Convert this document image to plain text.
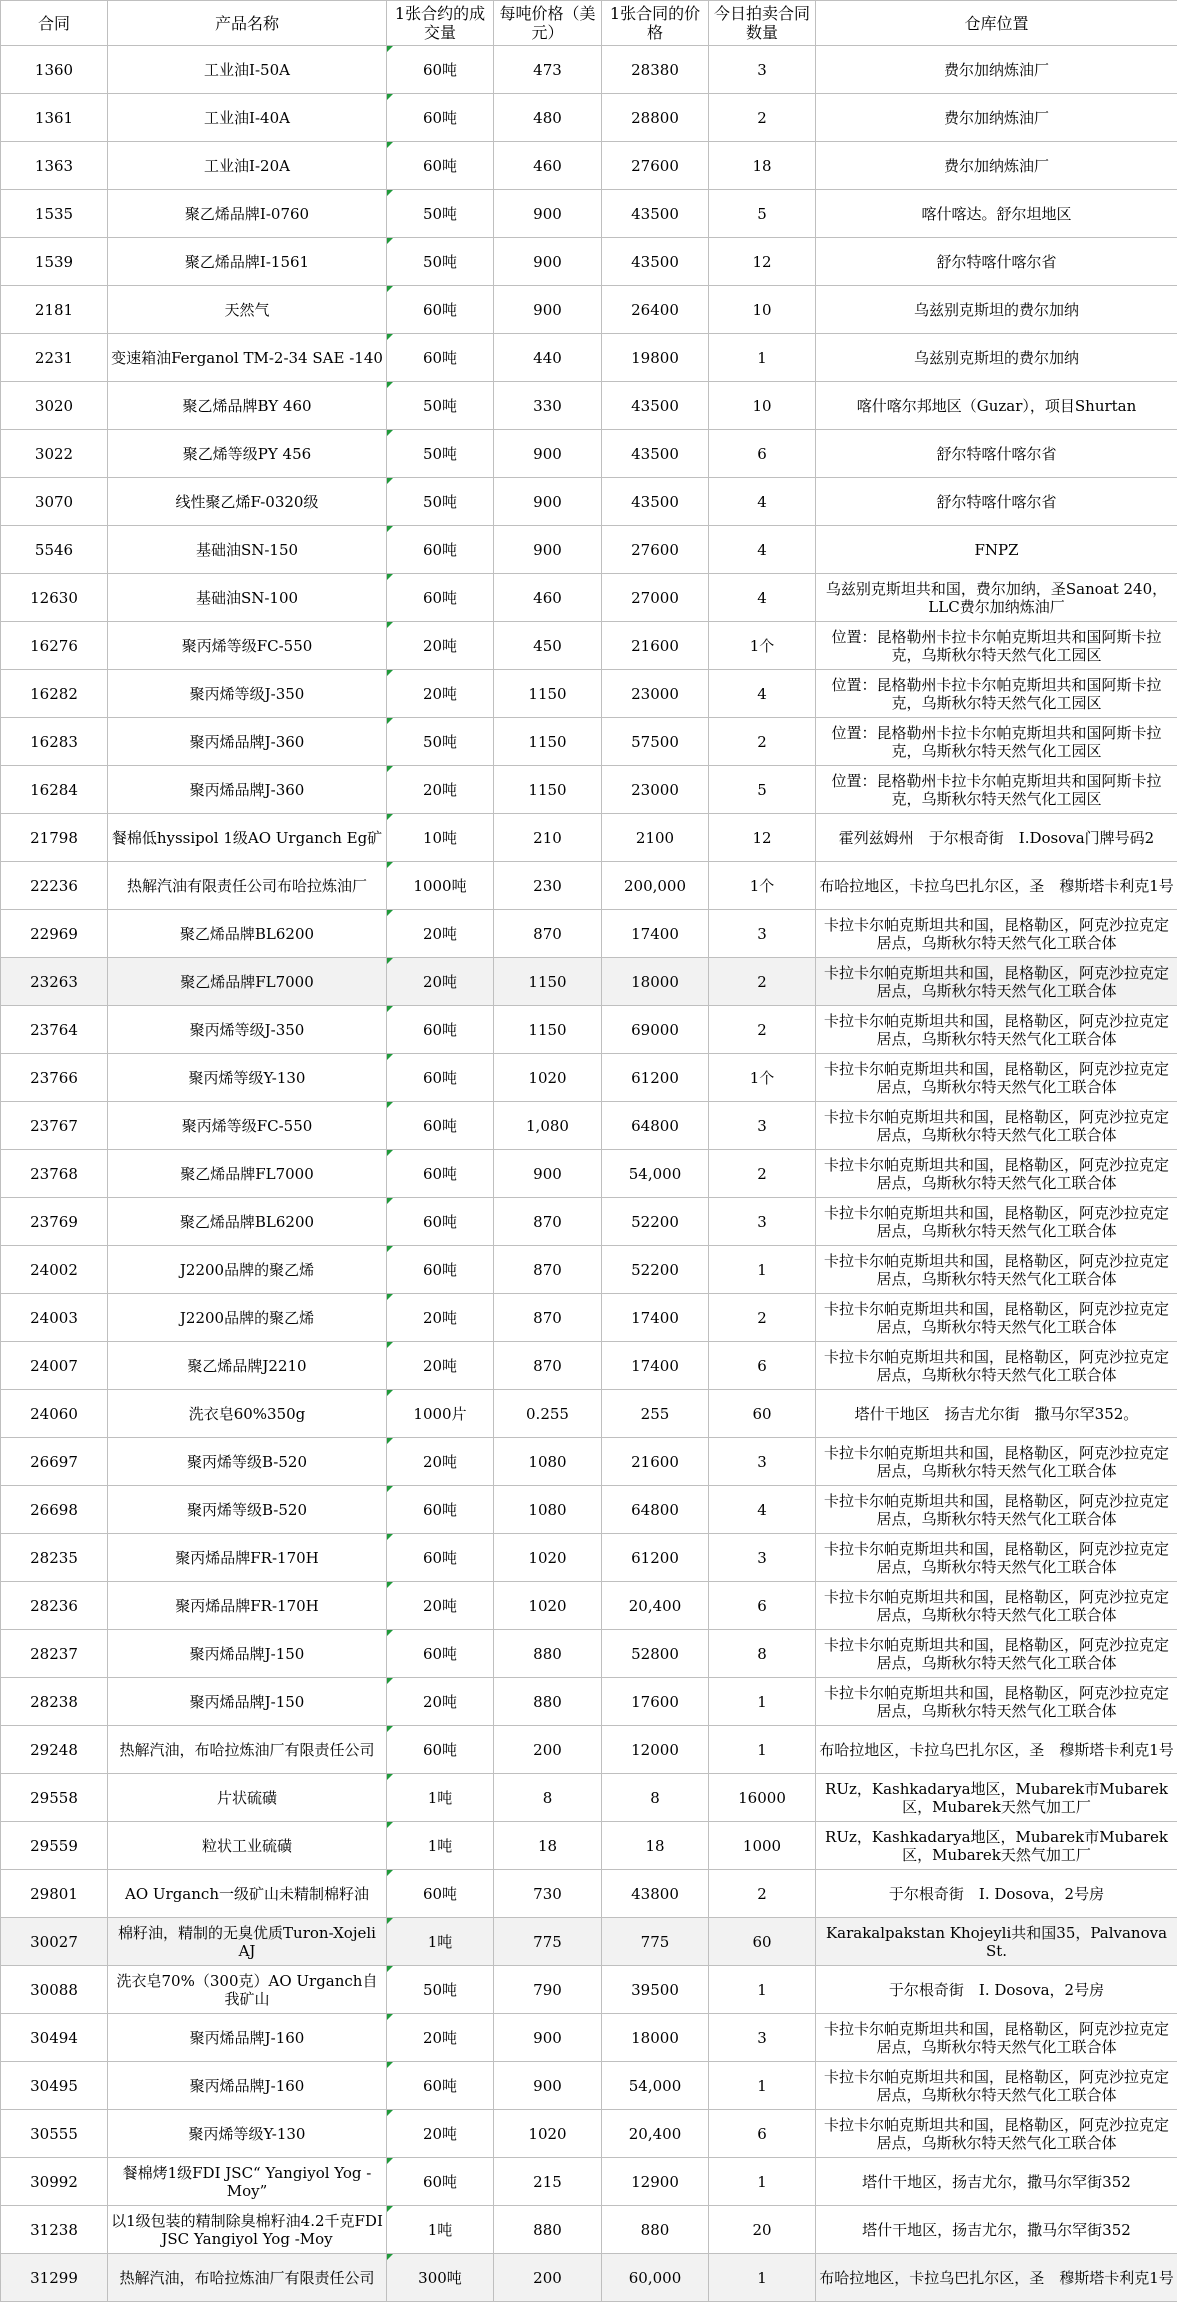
合同	产品名称	1张合约的成交量	每吨价格（美元）	1张合同的价格	今日拍卖合同数量	仓库位置
1360	工业油I-50A	60吨	473	28380	3	费尔加纳炼油厂
1361	工业油I-40A	60吨	480	28800	2	费尔加纳炼油厂
1363	工业油I-20A	60吨	460	27600	18	费尔加纳炼油厂
1535	聚乙烯品牌I-0760	50吨	900	43500	5	喀什喀达。舒尔坦地区
1539	聚乙烯品牌I-1561	50吨	900	43500	12	舒尔特喀什喀尔省
2181	天然气	60吨	900	26400	10	乌兹别克斯坦的费尔加纳
2231	变速箱油Ferganol TM-2-34 SAE -140	60吨	440	19800	1	乌兹别克斯坦的费尔加纳
3020	聚乙烯品牌BY 460	50吨	330	43500	10	喀什喀尔邦地区（Guzar），项目Shurtan
3022	聚乙烯等级PY 456	50吨	900	43500	6	舒尔特喀什喀尔省
3070	线性聚乙烯F-0320级	50吨	900	43500	4	舒尔特喀什喀尔省
5546	基础油SN-150	60吨	900	27600	4	FNPZ
12630	基础油SN-100	60吨	460	27000	4	乌兹别克斯坦共和国，费尔加纳，圣Sanoat 240，LLC费尔加纳炼油厂
16276	聚丙烯等级FC-550	20吨	450	21600	1个	位置：昆格勒州卡拉卡尔帕克斯坦共和国阿斯卡拉克，乌斯秋尔特天然气化工园区
16282	聚丙烯等级J-350	20吨	1150	23000	4	位置：昆格勒州卡拉卡尔帕克斯坦共和国阿斯卡拉克，乌斯秋尔特天然气化工园区
16283	聚丙烯品牌J-360	50吨	1150	57500	2	位置：昆格勒州卡拉卡尔帕克斯坦共和国阿斯卡拉克，乌斯秋尔特天然气化工园区
16284	聚丙烯品牌J-360	20吨	1150	23000	5	位置：昆格勒州卡拉卡尔帕克斯坦共和国阿斯卡拉克，乌斯秋尔特天然气化工园区
21798	餐棉低hyssipol 1级AO Urganch Eg矿	10吨	210	2100	12	霍列兹姆州　于尔根奇街　I.Dosova门牌号码2
22236	热解汽油有限责任公司布哈拉炼油厂	1000吨	230	200,000	1个	布哈拉地区，卡拉乌巴扎尔区，圣　穆斯塔卡利克1号
22969	聚乙烯品牌BL6200	20吨	870	17400	3	卡拉卡尔帕克斯坦共和国，昆格勒区，阿克沙拉克定居点，乌斯秋尔特天然气化工联合体
23263	聚乙烯品牌FL7000	20吨	1150	18000	2	卡拉卡尔帕克斯坦共和国，昆格勒区，阿克沙拉克定居点，乌斯秋尔特天然气化工联合体
23764	聚丙烯等级J-350	60吨	1150	69000	2	卡拉卡尔帕克斯坦共和国，昆格勒区，阿克沙拉克定居点，乌斯秋尔特天然气化工联合体
23766	聚丙烯等级Y-130	60吨	1020	61200	1个	卡拉卡尔帕克斯坦共和国，昆格勒区，阿克沙拉克定居点，乌斯秋尔特天然气化工联合体
23767	聚丙烯等级FC-550	60吨	1,080	64800	3	卡拉卡尔帕克斯坦共和国，昆格勒区，阿克沙拉克定居点，乌斯秋尔特天然气化工联合体
23768	聚乙烯品牌FL7000	60吨	900	54,000	2	卡拉卡尔帕克斯坦共和国，昆格勒区，阿克沙拉克定居点，乌斯秋尔特天然气化工联合体
23769	聚乙烯品牌BL6200	60吨	870	52200	3	卡拉卡尔帕克斯坦共和国，昆格勒区，阿克沙拉克定居点，乌斯秋尔特天然气化工联合体
24002	J2200品牌的聚乙烯	60吨	870	52200	1	卡拉卡尔帕克斯坦共和国，昆格勒区，阿克沙拉克定居点，乌斯秋尔特天然气化工联合体
24003	J2200品牌的聚乙烯	20吨	870	17400	2	卡拉卡尔帕克斯坦共和国，昆格勒区，阿克沙拉克定居点，乌斯秋尔特天然气化工联合体
24007	聚乙烯品牌J2210	20吨	870	17400	6	卡拉卡尔帕克斯坦共和国，昆格勒区，阿克沙拉克定居点，乌斯秋尔特天然气化工联合体
24060	洗衣皂60%350g	1000片	0.255	255	60	塔什干地区　扬吉尤尔街　撒马尔罕352。
26697	聚丙烯等级B-520	20吨	1080	21600	3	卡拉卡尔帕克斯坦共和国，昆格勒区，阿克沙拉克定居点，乌斯秋尔特天然气化工联合体
26698	聚丙烯等级B-520	60吨	1080	64800	4	卡拉卡尔帕克斯坦共和国，昆格勒区，阿克沙拉克定居点，乌斯秋尔特天然气化工联合体
28235	聚丙烯品牌FR-170H	60吨	1020	61200	3	卡拉卡尔帕克斯坦共和国，昆格勒区，阿克沙拉克定居点，乌斯秋尔特天然气化工联合体
28236	聚丙烯品牌FR-170H	20吨	1020	20,400	6	卡拉卡尔帕克斯坦共和国，昆格勒区，阿克沙拉克定居点，乌斯秋尔特天然气化工联合体
28237	聚丙烯品牌J-150	60吨	880	52800	8	卡拉卡尔帕克斯坦共和国，昆格勒区，阿克沙拉克定居点，乌斯秋尔特天然气化工联合体
28238	聚丙烯品牌J-150	20吨	880	17600	1	卡拉卡尔帕克斯坦共和国，昆格勒区，阿克沙拉克定居点，乌斯秋尔特天然气化工联合体
29248	热解汽油，布哈拉炼油厂有限责任公司	60吨	200	12000	1	布哈拉地区，卡拉乌巴扎尔区，圣　穆斯塔卡利克1号
29558	片状硫磺	1吨	8	8	16000	RUz，Kashkadarya地区，Mubarek市Mubarek区，Mubarek天然气加工厂
29559	粒状工业硫磺	1吨	18	18	1000	RUz，Kashkadarya地区，Mubarek市Mubarek区，Mubarek天然气加工厂
29801	AO Urganch一级矿山未精制棉籽油	60吨	730	43800	2	于尔根奇街　I. Dosova，2号房
30027	棉籽油，精制的无臭优质Turon-Xojeli AJ	1吨	775	775	60	Karakalpakstan Khojeyli共和国35，Palvanova St.
30088	洗衣皂70%（300克）AO Urganch自我矿山	50吨	790	39500	1	于尔根奇街　I. Dosova，2号房
30494	聚丙烯品牌J-160	20吨	900	18000	3	卡拉卡尔帕克斯坦共和国，昆格勒区，阿克沙拉克定居点，乌斯秋尔特天然气化工联合体
30495	聚丙烯品牌J-160	60吨	900	54,000	1	卡拉卡尔帕克斯坦共和国，昆格勒区，阿克沙拉克定居点，乌斯秋尔特天然气化工联合体
30555	聚丙烯等级Y-130	20吨	1020	20,400	6	卡拉卡尔帕克斯坦共和国，昆格勒区，阿克沙拉克定居点，乌斯秋尔特天然气化工联合体
30992	餐棉烤1级FDI JSC“ Yangiyol Yog -Moy”	60吨	215	12900	1	塔什干地区，扬吉尤尔，撒马尔罕街352
31238	以1级包装的精制除臭棉籽油4.2千克FDI JSC Yangiyol Yog -Moy	1吨	880	880	20	塔什干地区，扬吉尤尔，撒马尔罕街352
31299	热解汽油，布哈拉炼油厂有限责任公司	300吨	200	60,000	1	布哈拉地区，卡拉乌巴扎尔区，圣　穆斯塔卡利克1号
